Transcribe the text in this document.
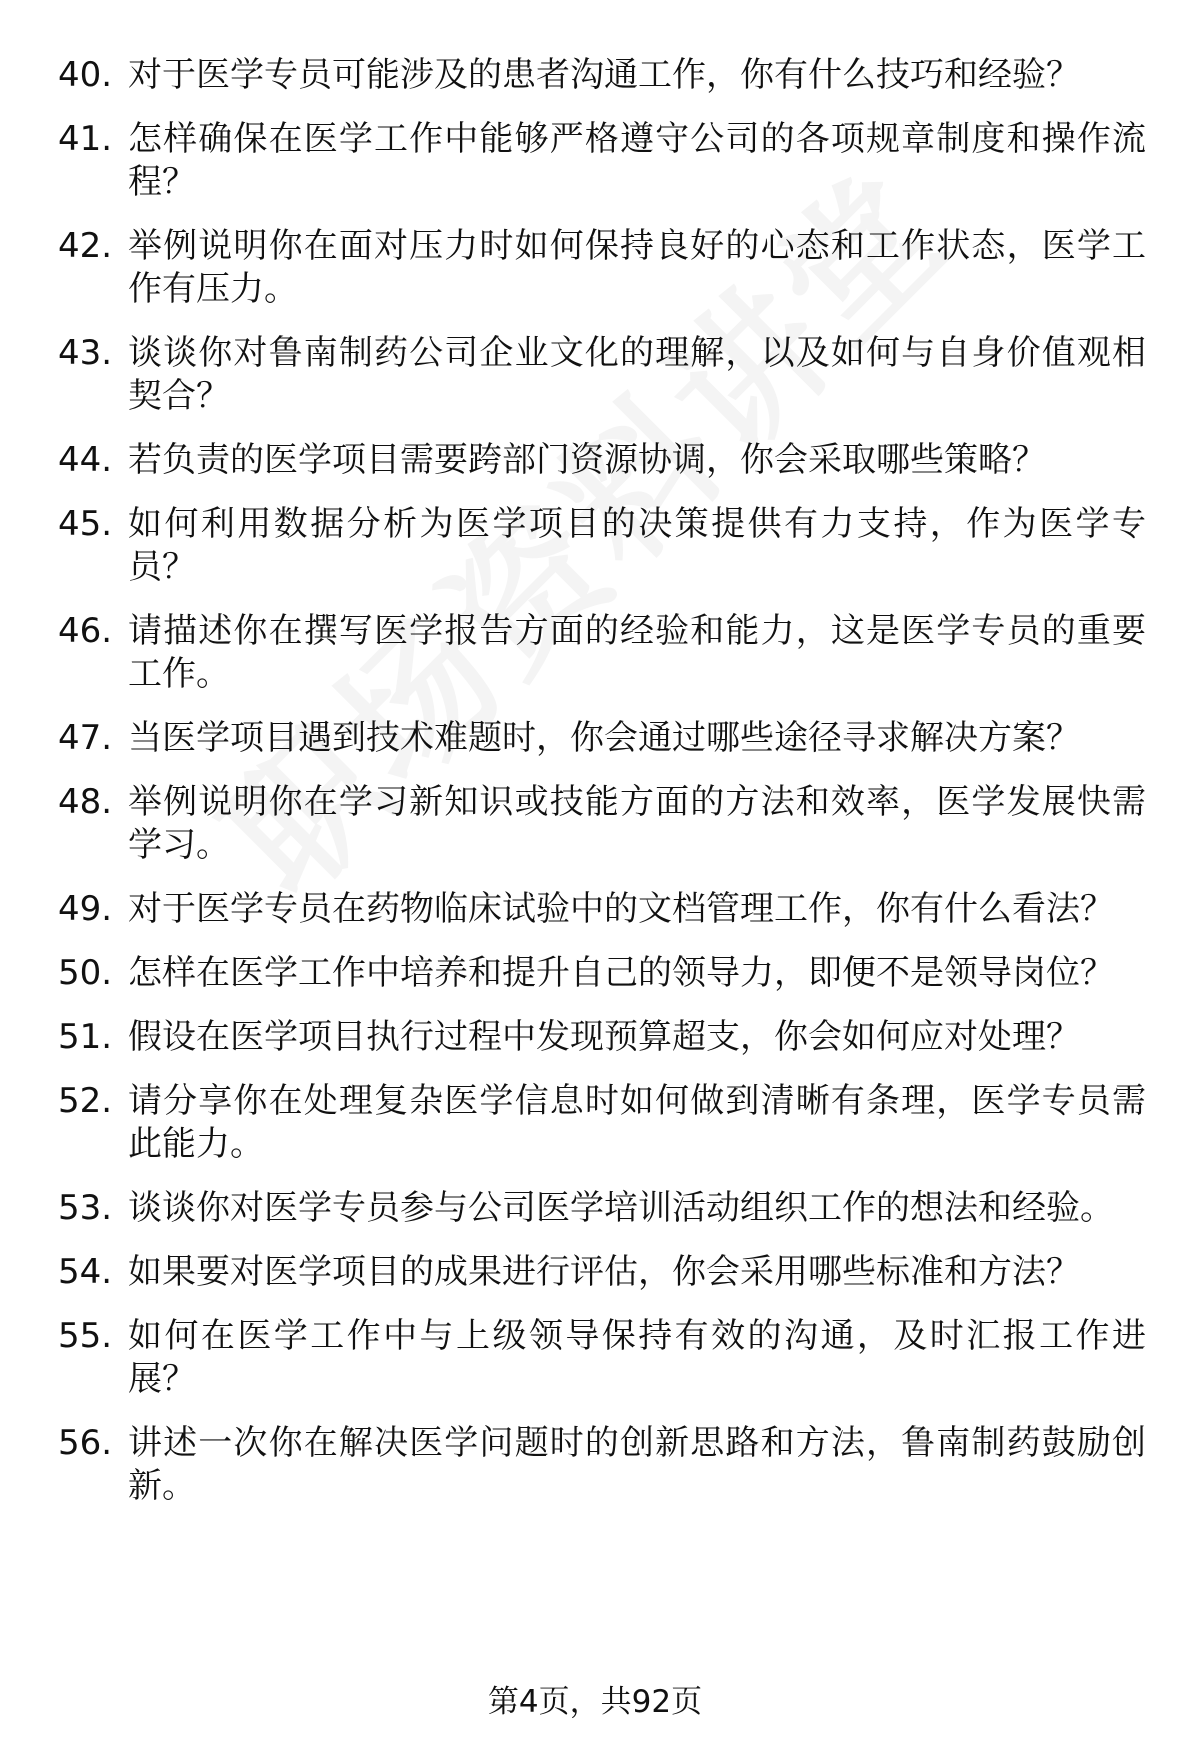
40. 对于医学专员可能涉及的患者沟通工作，你有什么技巧和经验？
41. 怎样确保在医学工作中能够严格遵守公司的各项规章制度和操作流程？
42. 举例说明你在面对压力时如何保持良好的心态和工作状态，医学工作有压力。
43. 谈谈你对鲁南制药公司企业文化的理解，以及如何与自身价值观相契合？
44. 若负责的医学项目需要跨部门资源协调，你会采取哪些策略？
45. 如何利用数据分析为医学项目的决策提供有力支持，作为医学专员？
46. 请描述你在撰写医学报告方面的经验和能力，这是医学专员的重要工作。
47. 当医学项目遇到技术难题时，你会通过哪些途径寻求解决方案？
48. 举例说明你在学习新知识或技能方面的方法和效率，医学发展快需学习。
49. 对于医学专员在药物临床试验中的文档管理工作，你有什么看法？
50. 怎样在医学工作中培养和提升自己的领导力，即便不是领导岗位？
51. 假设在医学项目执行过程中发现预算超支，你会如何应对处理？
52. 请分享你在处理复杂医学信息时如何做到清晰有条理，医学专员需此能力。
53. 谈谈你对医学专员参与公司医学培训活动组织工作的想法和经验。
54. 如果要对医学项目的成果进行评估，你会采用哪些标准和方法？
55. 如何在医学工作中与上级领导保持有效的沟通，及时汇报工作进展？
56. 讲述一次你在解决医学问题时的创新思路和方法，鲁南制药鼓励创新。
第4页，共92页
